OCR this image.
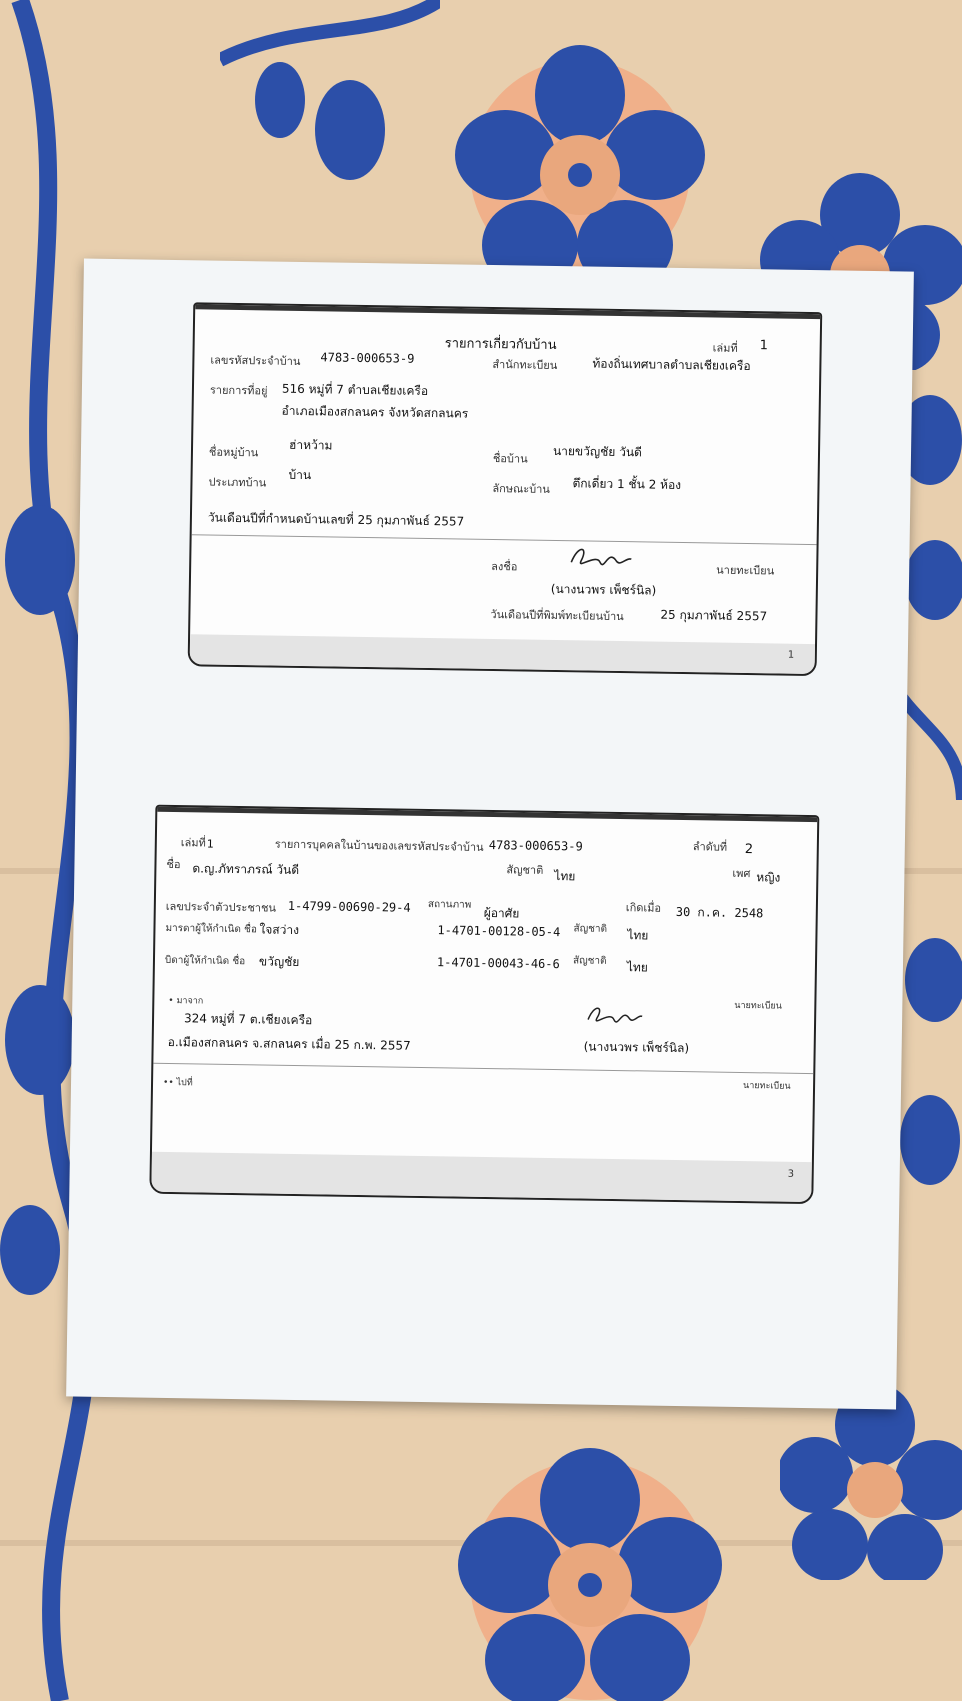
รายการเกี่ยวกับบ้าน	เล่มที่ 1
เลขรหัสประจำบ้าน 4783-000653-9	สำนักทะเบียน	ท้องถิ่นเทศบาลตำบลเชียงเครือ
รายการที่อยู่ 516 หมู่ที่ 7 ตำบลเชียงเครือ
อำเภอเมืองสกลนคร จังหวัดสกลนคร
ชื่อหมู่บ้าน	ฮ่าหว้าม
ชื่อบ้าน นายขวัญชัย วันดี
ประเภทบ้าน
บ้าน
ลักษณะบ้าน ตึกเดี่ยว 1 ชั้น 2 ห้อง
วันเดือนปีที่กำหนดบ้านเลขที่ 25 กุมภาพันธ์ 2557
ลงชื่อ	นายทะเบียน
(นางนวพร เพ็ชร์นิล)
วันเดือนปีที่พิมพ์ทะเบียนบ้าน	25 กุมภาพันธ์ 2557
1
เล่มที่ 1	รายการบุคคลในบ้านของเลขรหัสประจำบ้าน 4783-000653-9	ลำดับที่ 2
ชื่อ ด.ญ.ภัทราภรณ์ วันดี	สัญชาติ ไทย	เพศ หญิง
เลขประจำตัวประชาชน 1-4799-00690-29-4 สถานภาพ
ผู้อาศัย	เกิดเมื่อ 30 ก.ค. 2548
มารดาผู้ให้กำเนิด ชื่อ ใจสว่าง	1-4701-00128-05-4 สัญชาติ ไทย
บิดาผู้ให้กำเนิด ชื่อ ขวัญชัย	1-4701-00043-46-6 สัญชาติ ไทย
• มาจาก
324 หมู่ที่ 7 ต.เชียงเครือ
อ.เมืองสกลนคร จ.สกลนคร เมื่อ 25 ก.พ. 2557
นายทะเบียน
(นางนวพร เพ็ชร์นิล)
•• ไปที่	นายทะเบียน
3
